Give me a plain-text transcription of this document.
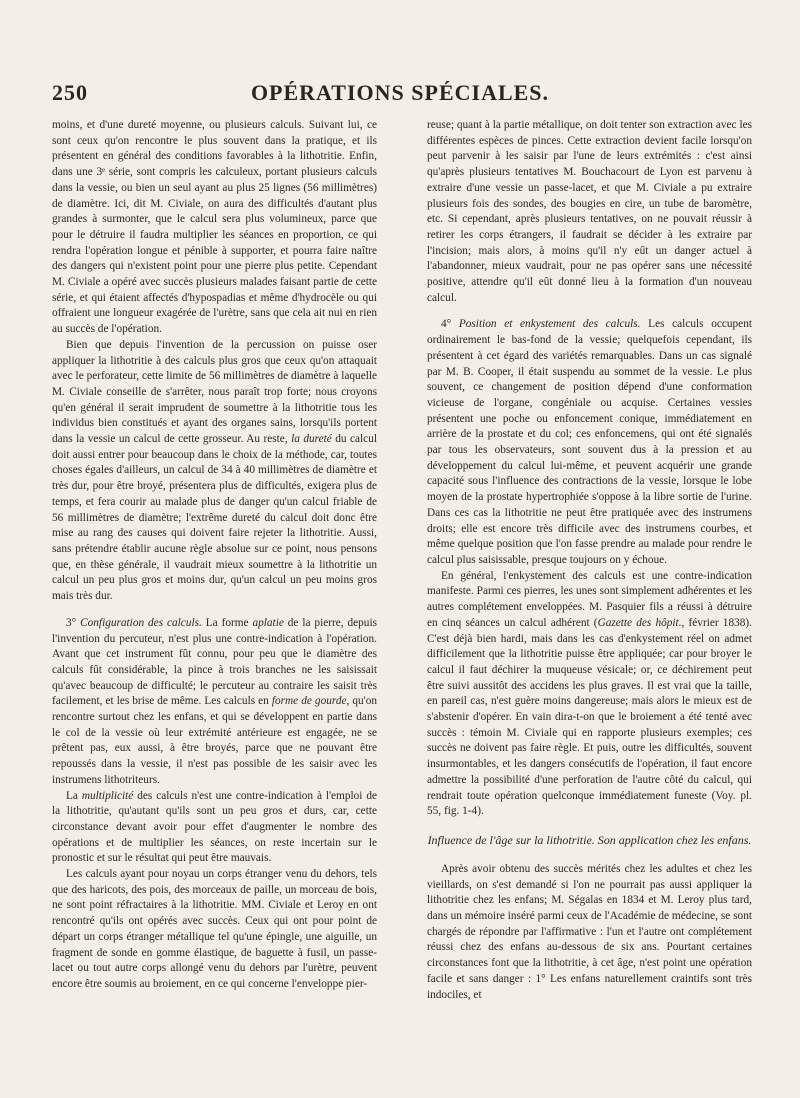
250	OPÉRATIONS SPÉCIALES.

moins, et d'une dureté moyenne, ou plusieurs calculs. Suivant lui, ce sont ceux qu'on rencontre le plus souvent dans la pratique, et ils présentent en général des conditions favorables à la lithotritie. Enfin, dans une 3ᵉ série, sont compris les calculeux, portant plusieurs calculs dans la vessie, ou bien un seul ayant au plus 25 lignes (56 millimètres) de diamètre. Ici, dit M. Civiale, on aura des difficultés d'autant plus grandes à surmonter, que le calcul sera plus volumineux, parce que pour le détruire il faudra multiplier les séances en proportion, ce qui rendra l'opération longue et pénible à supporter, et pourra faire naître des dangers qui n'existent point pour une pierre plus petite. Cependant M. Civiale a opéré avec succès plusieurs malades faisant partie de cette série, et qui étaient affectés d'hypospadias et même d'hydrocèle ou qui offraient une longueur exagérée de l'urètre, sans que cela ait nui en rien au succès de l'opération.

Bien que depuis l'invention de la percussion on puisse oser appliquer la lithotritie à des calculs plus gros que ceux qu'on attaquait avec le perforateur, cette limite de 56 millimètres de diamètre à laquelle M. Civiale conseille de s'arrêter, nous paraît trop forte; nous croyons qu'en général il serait imprudent de soumettre à la lithotritie tous les individus bien constitués et ayant des organes sains, lorsqu'ils portent dans la vessie un calcul de cette grosseur. Au reste, la dureté du calcul doit aussi entrer pour beaucoup dans le choix de la méthode, car, toutes choses égales d'ailleurs, un calcul de 34 à 40 millimètres de diamètre et très dur, pour être broyé, présentera plus de difficultés, exigera plus de temps, et fera courir au malade plus de danger qu'un calcul friable de 56 millimètres de diamètre; l'extrême dureté du calcul doit donc être mise au rang des causes qui doivent faire rejeter la lithotritie. Aussi, sans prétendre établir aucune règle absolue sur ce point, nous pensons que, en thèse générale, il vaudrait mieux soumettre à la lithotritie un calcul un peu plus gros et moins dur, qu'un calcul un peu moins gros mais très dur.

3° Configuration des calculs. La forme aplatie de la pierre, depuis l'invention du percuteur, n'est plus une contre-indication à l'opération. Avant que cet instrument fût connu, pour peu que le diamètre des calculs fût considérable, la pince à trois branches ne les saisissait qu'avec beaucoup de difficulté; le percuteur au contraire les saisit très facilement, et les brise de même. Les calculs en forme de gourde, qu'on rencontre surtout chez les enfans, et qui se développent en partie dans le col de la vessie où leur extrémité antérieure est engagée, ne se prêtent pas, eux aussi, à être broyés, parce que ne pouvant être repoussés dans la vessie, il n'est pas possible de les saisir avec les instrumens lithotriteurs.

La multiplicité des calculs n'est une contre-indication à l'emploi de la lithotritie, qu'autant qu'ils sont un peu gros et durs, car, cette circonstance devant avoir pour effet d'augmenter le nombre des opérations et de multiplier les séances, on reste incertain sur le pronostic et sur le résultat qui peut être mauvais.

Les calculs ayant pour noyau un corps étranger venu du dehors, tels que des haricots, des pois, des morceaux de paille, un morceau de bois, ne sont point réfractaires à la lithotritie. MM. Civiale et Leroy en ont rencontré qu'ils ont opérés avec succès. Ceux qui ont pour point de départ un corps étranger métallique tel qu'une épingle, une aiguille, un fragment de sonde en gomme élastique, de baguette à fusil, un passe-lacet ou tout autre corps allongé venu du dehors par l'urètre, peuvent encore être soumis au broiement, en ce qui concerne l'enveloppe pier-

reuse; quant à la partie métallique, on doit tenter son extraction avec les différentes espèces de pinces. Cette extraction devient facile lorsqu'on peut parvenir à les saisir par l'une de leurs extrémités : c'est ainsi qu'après plusieurs tentatives M. Bouchacourt de Lyon est parvenu à extraire d'une vessie un passe-lacet, et que M. Civiale a pu extraire plusieurs fois des sondes, des bougies en cire, un tube de baromètre, etc. Si cependant, après plusieurs tentatives, on ne pouvait réussir à retirer les corps étrangers, il faudrait se décider à les extraire par l'incision; mais alors, à moins qu'il n'y eût un danger actuel à l'abandonner, mieux vaudrait, pour ne pas opérer sans une nécessité positive, attendre qu'il eût donné lieu à la formation d'un nouveau calcul.

4° Position et enkystement des calculs. Les calculs occupent ordinairement le bas-fond de la vessie; quelquefois cependant, ils présentent à cet égard des variétés remarquables. Dans un cas signalé par M. B. Cooper, il était suspendu au sommet de la vessie. Le plus souvent, ce changement de position dépend d'une conformation vicieuse de l'organe, congéniale ou acquise. Certaines vessies présentent une poche ou enfoncement conique, immédiatement en arrière de la prostate et du col; ces enfoncemens, qui ont été signalés par tous les observateurs, sont souvent dus à la pression et au développement du calcul lui-même, et peuvent acquérir une grande capacité sous l'influence des contractions de la vessie, lorsque le lobe moyen de la prostate hypertrophiée s'oppose à la libre sortie de l'urine. Dans ces cas la lithotritie ne peut être pratiquée avec des instrumens droits; elle est encore très difficile avec des instrumens courbes, et même quelque position que l'on fasse prendre au malade pour rendre le calcul plus saisissable, presque toujours on y échoue.

En général, l'enkystement des calculs est une contre-indication manifeste. Parmi ces pierres, les unes sont simplement adhérentes et les autres complétement enveloppées. M. Pasquier fils a réussi à détruire en cinq séances un calcul adhérent (Gazette des hôpit., février 1838). C'est déjà bien hardi, mais dans les cas d'enkystement réel on admet difficilement que la lithotritie puisse être appliquée; car pour broyer le calcul il faut déchirer la muqueuse vésicale; or, ce déchirement peut être suivi aussitôt des accidens les plus graves. Il est vrai que la taille, en pareil cas, n'est guère moins dangereuse; mais alors le mieux est de s'abstenir d'opérer. En vain dira-t-on que le broiement a été tenté avec succès : témoin M. Civiale qui en rapporte plusieurs exemples; ces succès ne doivent pas faire règle. Et puis, outre les difficultés, souvent insurmontables, et les dangers consécutifs de l'opération, il faut encore admettre la possibilité d'une perforation de l'autre côté du calcul, qui rendrait toute opération quelconque immédiatement funeste (Voy. pl. 55, fig. 1-4).

Influence de l'âge sur la lithotritie. Son application chez les enfans.

Après avoir obtenu des succès mérités chez les adultes et chez les vieillards, on s'est demandé si l'on ne pourrait pas aussi appliquer la lithotritie chez les enfans; M. Ségalas en 1834 et M. Leroy plus tard, dans un mémoire inséré parmi ceux de l'Académie de médecine, se sont chargés de répondre par l'affirmative : l'un et l'autre ont complétement réussi chez des enfans au-dessous de six ans. Pourtant certaines circonstances font que la lithotritie, à cet âge, n'est point une opération facile et sans danger : 1° Les enfans naturellement craintifs sont très indociles, et
